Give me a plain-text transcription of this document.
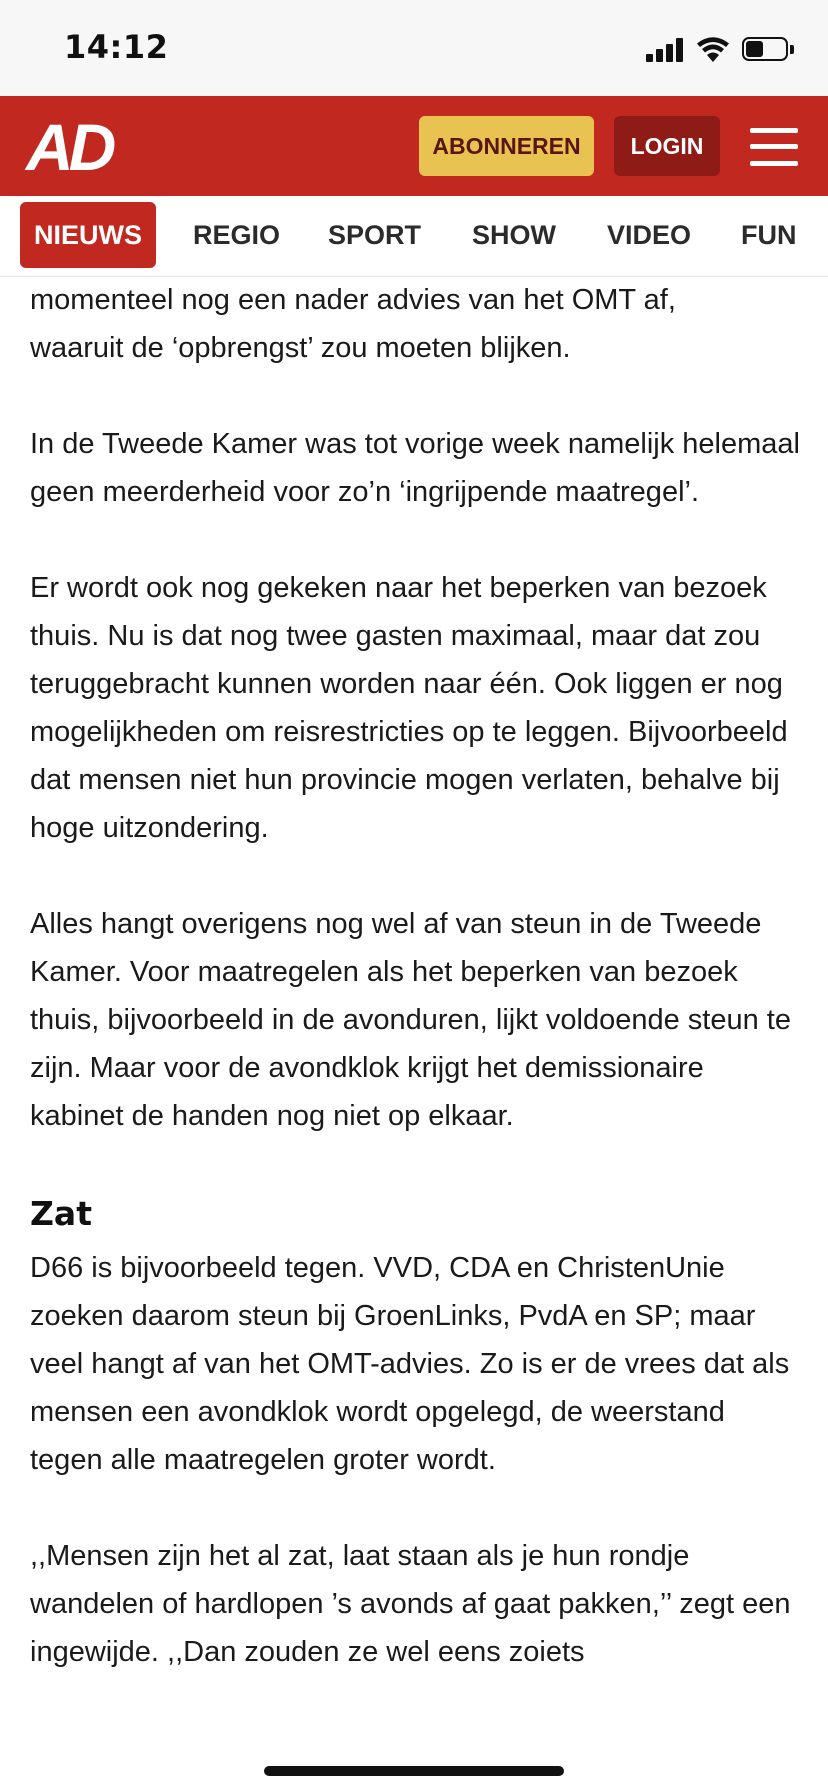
14:12
AD	ABONNEREN	LOGIN
NIEUWS	REGIO SPORT SHOW VIDEO FUN

momenteel nog een nader advies van het OMT af,
waaruit de ‘opbrengst’ zou moeten blijken.

In de Tweede Kamer was tot vorige week namelijk helemaal geen meerderheid voor zo’n ‘ingrijpende maatregel’.

Er wordt ook nog gekeken naar het beperken van bezoek thuis. Nu is dat nog twee gasten maximaal, maar dat zou teruggebracht kunnen worden naar één. Ook liggen er nog mogelijkheden om reisrestricties op te leggen. Bijvoorbeeld dat mensen niet hun provincie mogen verlaten, behalve bij hoge uitzondering.

Alles hangt overigens nog wel af van steun in de Tweede Kamer. Voor maatregelen als het beperken van bezoek thuis, bijvoorbeeld in de avonduren, lijkt voldoende steun te zijn. Maar voor de avondklok krijgt het demissionaire kabinet de handen nog niet op elkaar.

Zat

D66 is bijvoorbeeld tegen. VVD, CDA en ChristenUnie zoeken daarom steun bij GroenLinks, PvdA en SP; maar veel hangt af van het OMT-advies. Zo is er de vrees dat als mensen een avondklok wordt opgelegd, de weerstand tegen alle maatregelen groter wordt.

,,Mensen zijn het al zat, laat staan als je hun rondje wandelen of hardlopen ’s avonds af gaat pakken,’’ zegt een ingewijde. ,,Dan zouden ze wel eens zoiets
